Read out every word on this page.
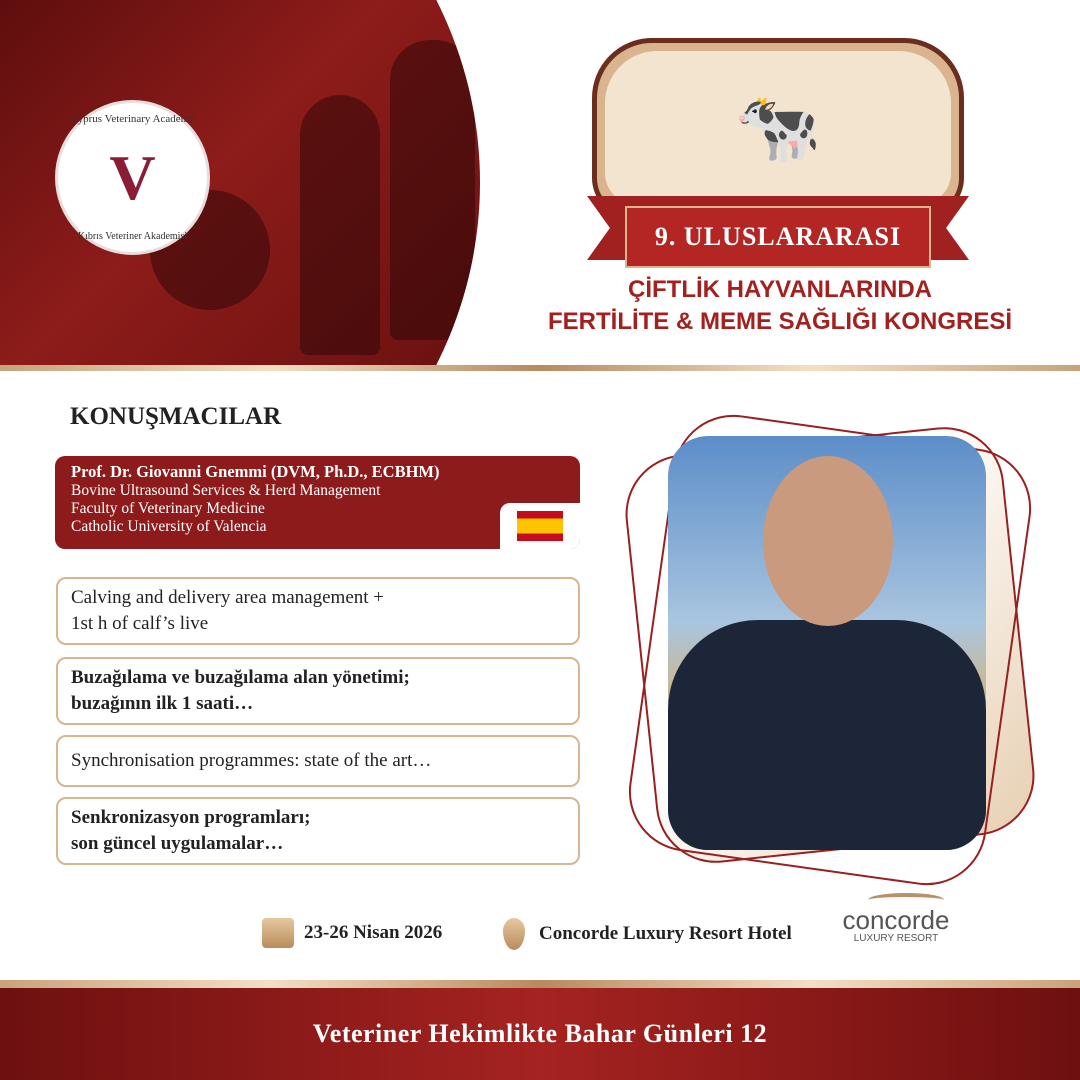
Cyprus Veterinary Academy
V
Kıbrıs Veteriner Akademisi
🐄
9. ULUSLARARASI
ÇİFTLİK HAYVANLARINDA
FERTİLİTE & MEME SAĞLIĞI KONGRESİ
KONUŞMACILAR
Prof. Dr. Giovanni Gnemmi (DVM, Ph.D., ECBHM)
Bovine Ultrasound Services & Herd Management
Faculty of Veterinary Medicine
Catholic University of Valencia
Calving and delivery area management +
1st h of calf’s live
Buzağılama ve buzağılama alan yönetimi;
buzağının ilk 1 saati…
Synchronisation programmes: state of the art…
Senkronizasyon programları;
son güncel uygulamalar…
23-26 Nisan 2026	Concorde Luxury Resort Hotel concorde
LUXURY RESORT
Veteriner Hekimlikte Bahar Günleri 12
